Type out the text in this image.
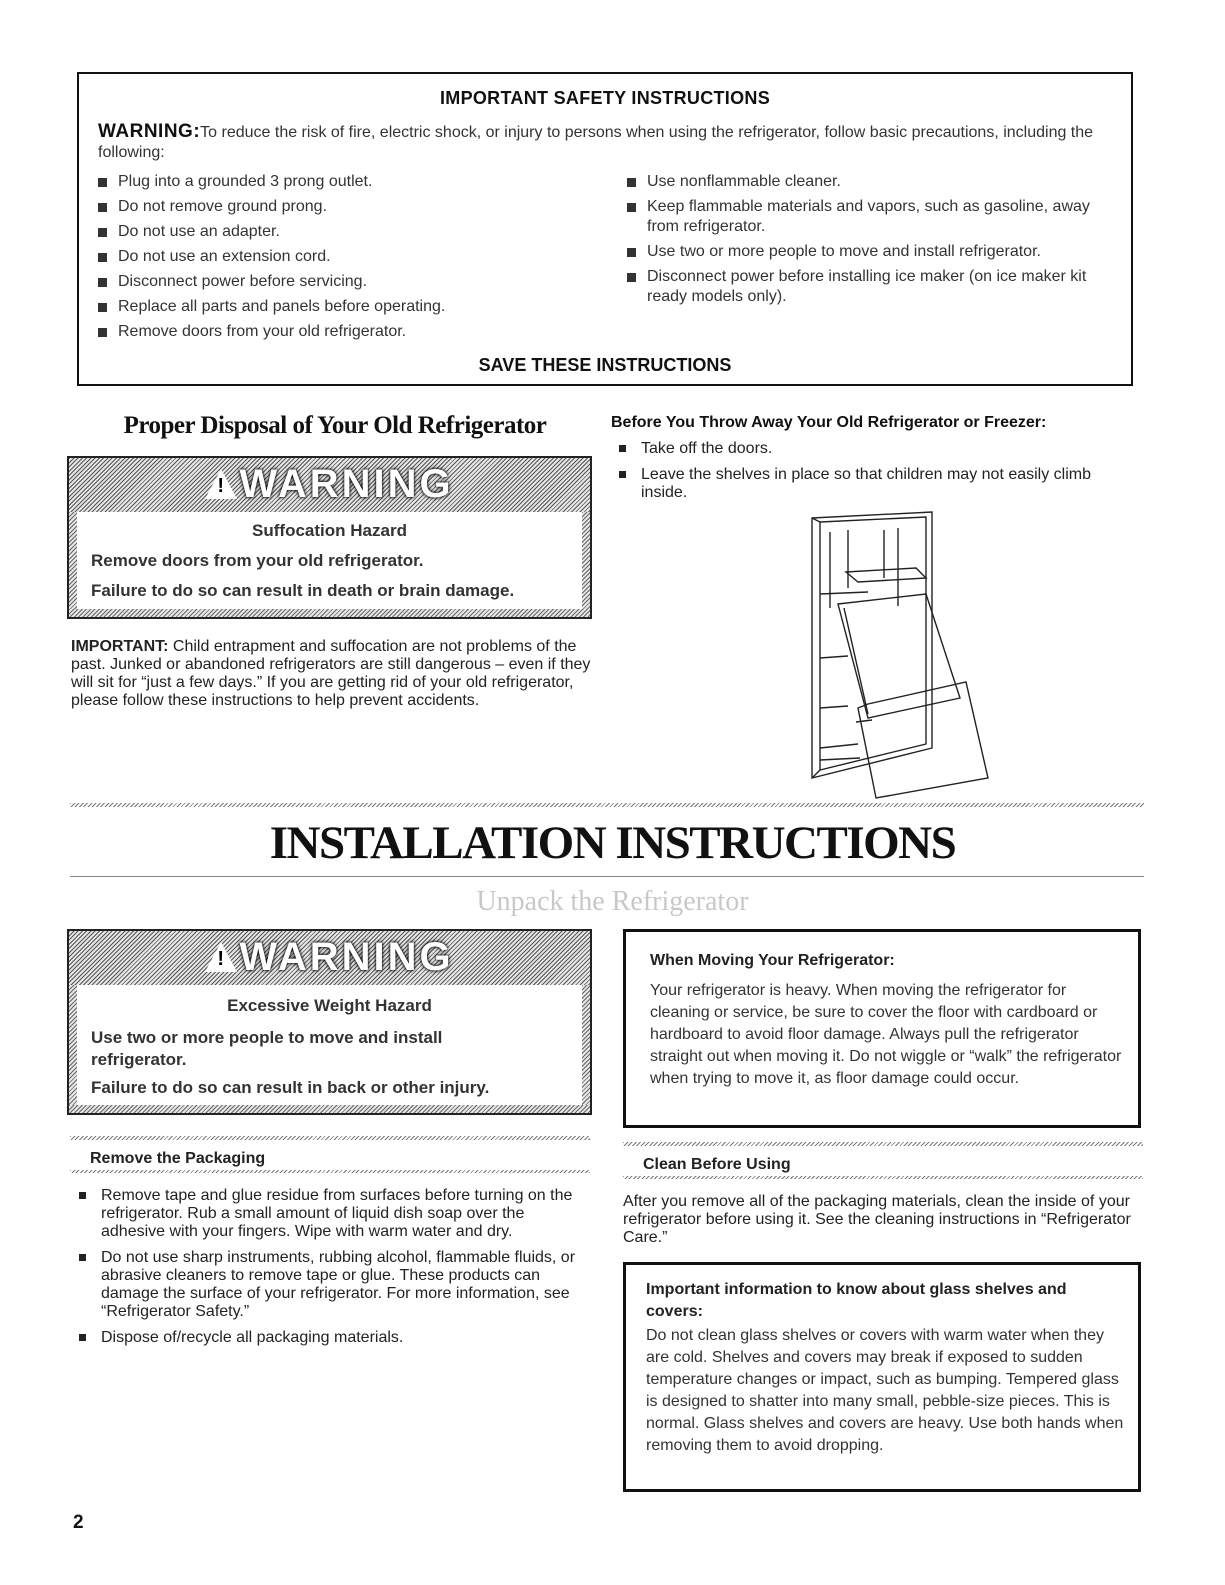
IMPORTANT SAFETY INSTRUCTIONS
WARNING:To reduce the risk of fire, electric shock, or injury to persons when using the refrigerator, follow basic precautions, including the following:
Plug into a grounded 3 prong outlet.
Do not remove ground prong.
Do not use an adapter.
Do not use an extension cord.
Disconnect power before servicing.
Replace all parts and panels before operating.
Remove doors from your old refrigerator.
Use nonflammable cleaner.
Keep flammable materials and vapors, such as gasoline, away from refrigerator.
Use two or more people to move and install refrigerator.
Disconnect power before installing ice maker (on ice maker kit ready models only).
SAVE THESE INSTRUCTIONS
Proper Disposal of Your Old Refrigerator
!WARNING
Suffocation Hazard
Remove doors from your old refrigerator.
Failure to do so can result in death or brain damage.

IMPORTANT: Child entrapment and suffocation are not problems of the past. Junked or abandoned refrigerators are still dangerous – even if they will sit for “just a few days.” If you are getting rid of your old refrigerator, please follow these instructions to help prevent accidents.

Before You Throw Away Your Old Refrigerator or Freezer:
Take off the doors.
Leave the shelves in place so that children may not easily climb inside.
INSTALLATION INSTRUCTIONS
Unpack the Refrigerator
!WARNING
Excessive Weight Hazard
Use two or more people to move and install refrigerator.
Failure to do so can result in back or other injury.
When Moving Your Refrigerator:
Your refrigerator is heavy. When moving the refrigerator for cleaning or service, be sure to cover the floor with cardboard or hardboard to avoid floor damage. Always pull the refrigerator straight out when moving it. Do not wiggle or “walk” the refrigerator when trying to move it, as floor damage could occur.
Remove the Packaging
Remove tape and glue residue from surfaces before turning on the refrigerator. Rub a small amount of liquid dish soap over the adhesive with your fingers. Wipe with warm water and dry.
Do not use sharp instruments, rubbing alcohol, flammable fluids, or abrasive cleaners to remove tape or glue. These products can damage the surface of your refrigerator. For more information, see “Refrigerator Safety.”
Dispose of/recycle all packaging materials.
Clean Before Using

After you remove all of the packaging materials, clean the inside of your refrigerator before using it. See the cleaning instructions in “Refrigerator Care.”

Important information to know about glass shelves and covers:
Do not clean glass shelves or covers with warm water when they are cold. Shelves and covers may break if exposed to sudden temperature changes or impact, such as bumping. Tempered glass is designed to shatter into many small, pebble-size pieces. This is normal. Glass shelves and covers are heavy. Use both hands when removing them to avoid dropping.
2
